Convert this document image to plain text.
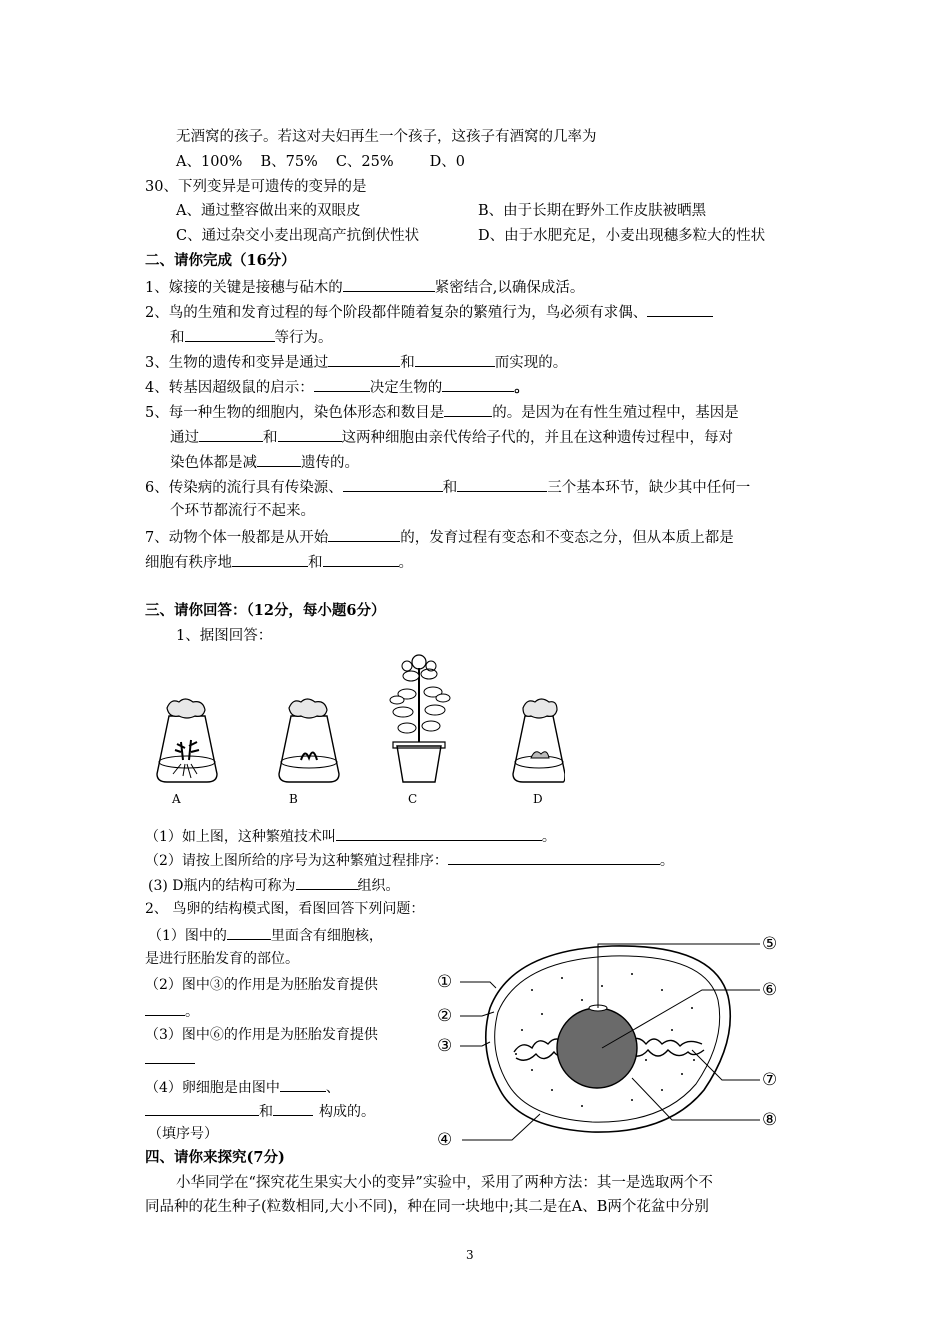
无酒窝的孩子。若这对夫妇再生一个孩子，这孩子有酒窝的几率为
A、100% B、75% C、25% D、0
30、下列变异是可遗传的变异的是
A、通过整容做出来的双眼皮	B、由于长期在野外工作皮肤被晒黑
C、通过杂交小麦出现高产抗倒伏性状	D、由于水肥充足，小麦出现穗多粒大的性状
二、请你完成（16分）
1、嫁接的关键是接穗与砧木的	紧密结合,以确保成活。
2、鸟的生殖和发育过程的每个阶段都伴随着复杂的繁殖行为，鸟必须有求偶、
和	等行为。
3、生物的遗传和变异是通过	和	而实现的。
4、转基因超级鼠的启示：	决定生物的	。
5、每一种生物的细胞内，染色体形态和数目是	的。是因为在有性生殖过程中，基因是
通过	和	这两种细胞由亲代传给子代的，并且在这种遗传过程中，每对
染色体都是减	遗传的。
6、传染病的流行具有传染源、	和	三个基本环节，缺少其中任何一
个环节都流行不起来。
7、动物个体一般都是从开始	的，发育过程有变态和不变态之分，但从本质上都是
细胞有秩序地	和	。
三、请你回答：（12分，每小题6分）
1、据图回答：
A	B	C	D
（1）如上图，这种繁殖技术叫	。
（2）请按上图所给的序号为这种繁殖过程排序：	。
(3) D瓶内的结构可称为	组织。
2、 鸟卵的结构模式图，看图回答下列问题：
（1）图中的	里面含有细胞核，
是进行胚胎发育的部位。
（2）图中③的作用是为胚胎发育提供
。
（3）图中⑥的作用是为胚胎发育提供
（4）卵细胞是由图中	、
和	构成的。
（填序号）
①
②
③
④
⑤
⑥
⑦
⑧
四、请你来探究(7分)
小华同学在“探究花生果实大小的变异”实验中，采用了两种方法：其一是选取两个不
同品种的花生种子(粒数相同,大小不同)，种在同一块地中;其二是在A、B两个花盆中分别
3
